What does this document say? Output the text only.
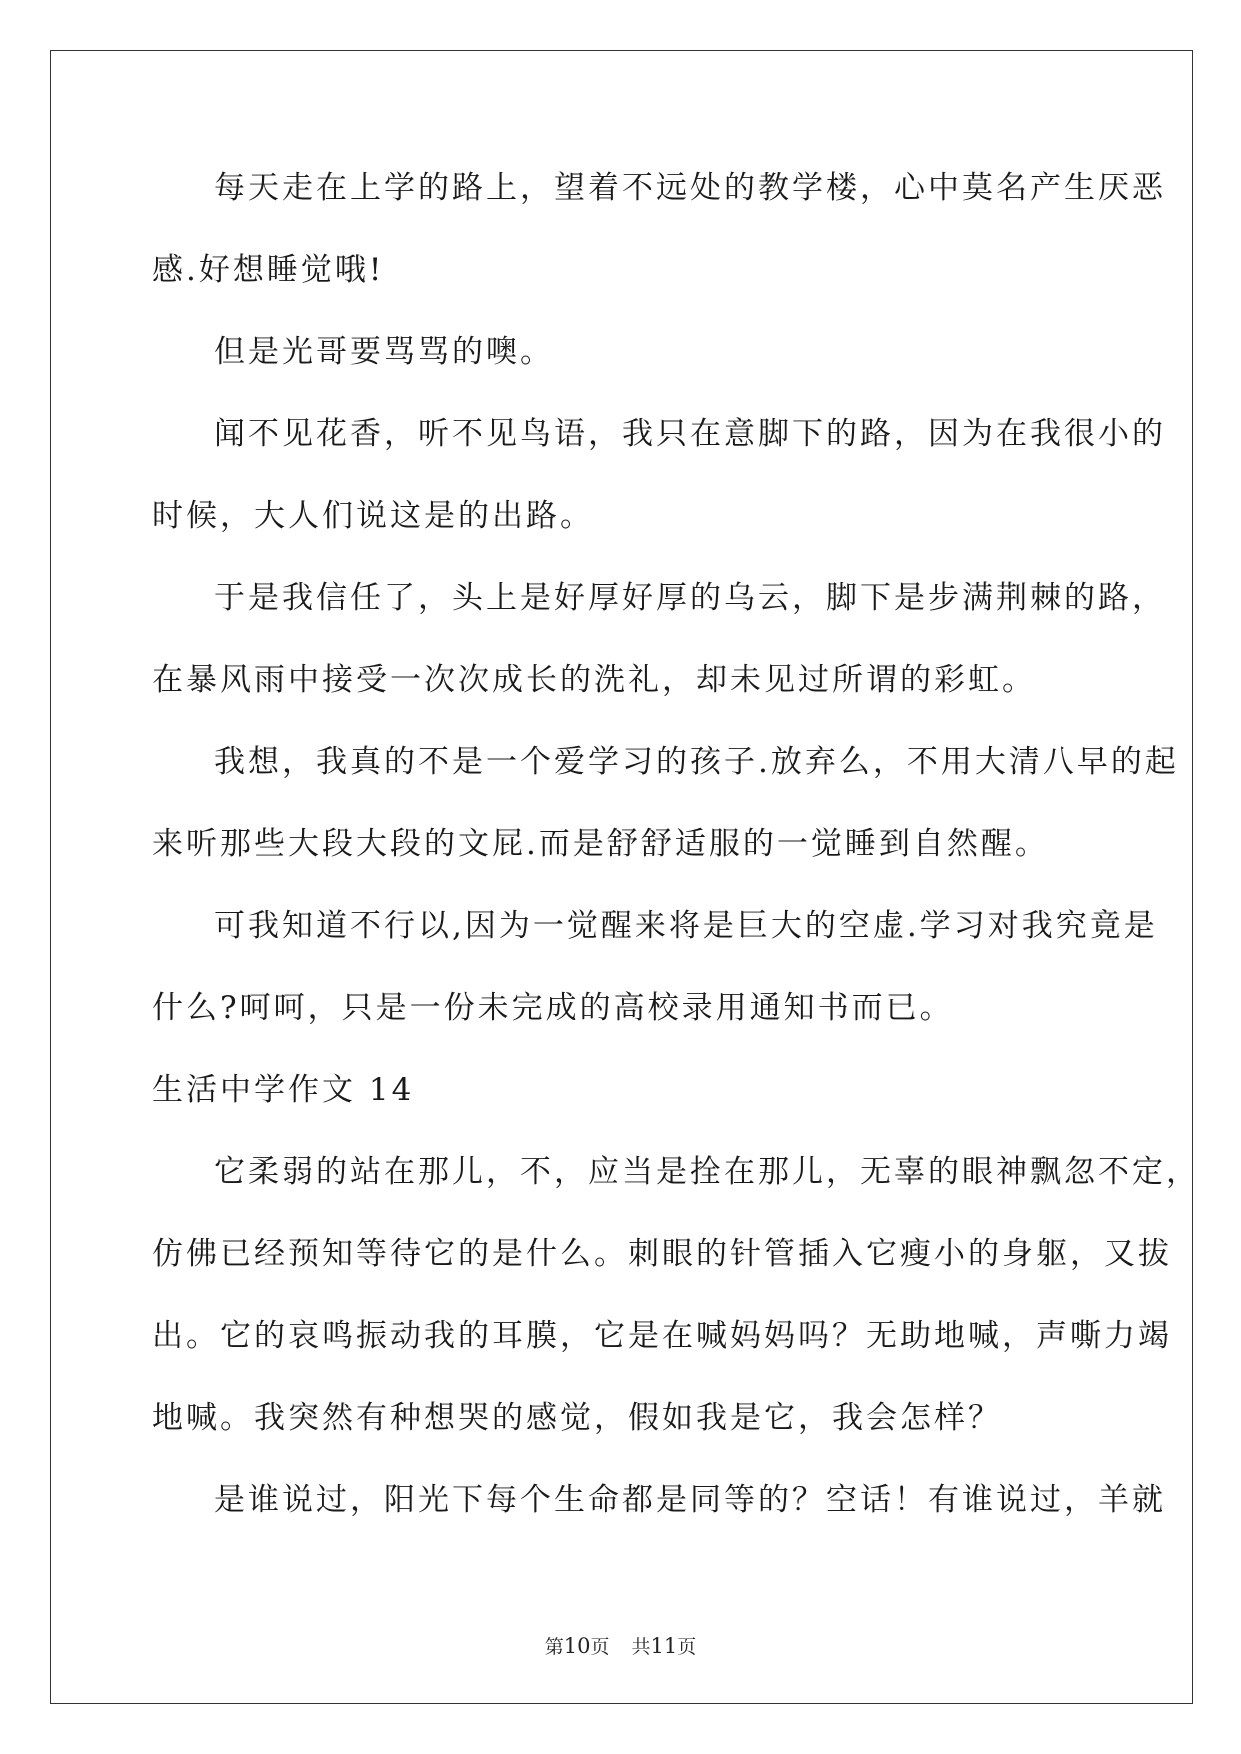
每天走在上学的路上，望着不远处的教学楼，心中莫名产生厌恶
感.好想睡觉哦!
但是光哥要骂骂的噢。
闻不见花香，听不见鸟语，我只在意脚下的路，因为在我很小的
时候，大人们说这是的出路。
于是我信任了，头上是好厚好厚的乌云，脚下是步满荆棘的路，
在暴风雨中接受一次次成长的洗礼，却未见过所谓的彩虹。
我想，我真的不是一个爱学习的孩子.放弃么，不用大清八早的起
来听那些大段大段的文屁.而是舒舒适服的一觉睡到自然醒。
可我知道不行以,因为一觉醒来将是巨大的空虚.学习对我究竟是
什么?呵呵，只是一份未完成的高校录用通知书而已。
生活中学作文 14
它柔弱的站在那儿，不，应当是拴在那儿，无辜的眼神飘忽不定，
仿佛已经预知等待它的是什么。刺眼的针管插入它瘦小的身躯，又拔
出。它的哀鸣振动我的耳膜，它是在喊妈妈吗？无助地喊，声嘶力竭
地喊。我突然有种想哭的感觉，假如我是它，我会怎样？
是谁说过，阳光下每个生命都是同等的？空话！有谁说过，羊就
第10页 共11页
